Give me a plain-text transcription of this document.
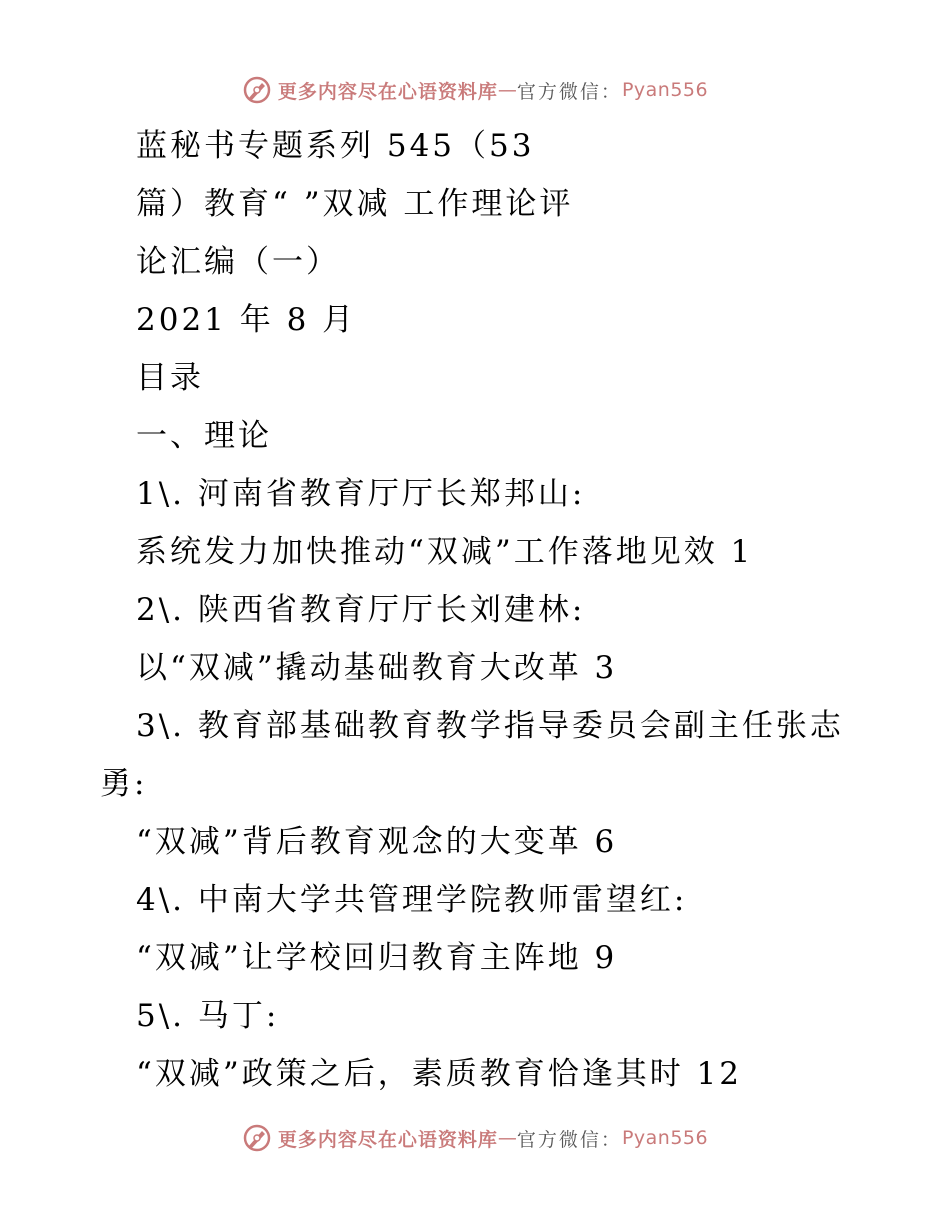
更多内容尽在心语资料库 — 官方微信： Pyan556
蓝秘书专题系列 545（53
篇）教育“ ”双减 工作理论评
论汇编（一）
2021 年 8 月
目录
一、理论
1\. 河南省教育厅厅长郑邦山:
系统发力加快推动“双减”工作落地见效 1
2\. 陕西省教育厅厅长刘建林:
以“双减”撬动基础教育大改革 3
3\. 教育部基础教育教学指导委员会副主任张志
勇:
“双减”背后教育观念的大变革 6
4\. 中南大学共管理学院教师雷望红:
“双减”让学校回归教育主阵地 9
5\. 马丁:
“双减”政策之后，素质教育恰逢其时 12
更多内容尽在心语资料库 — 官方微信： Pyan556
